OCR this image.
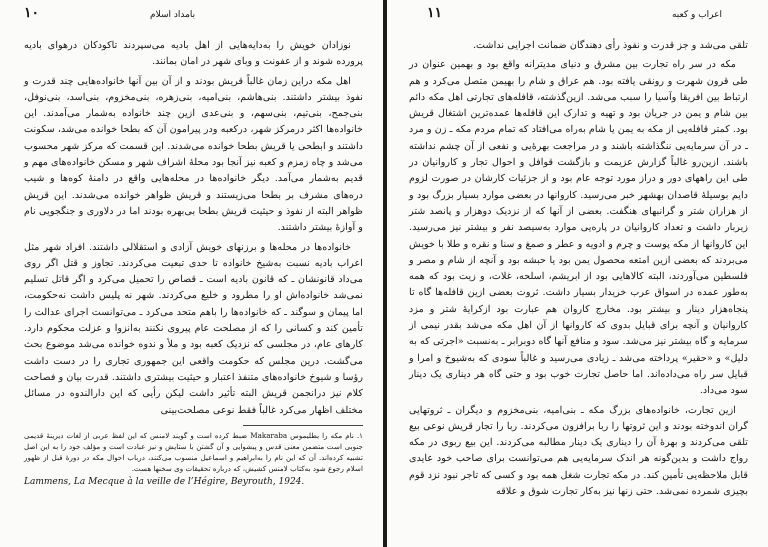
۱۰	بامداد اسلام

نوزادان خویش را به‌دایه‌هایی از اهل بادیه می‌سپردند تاکودکان درهوای بادیه پرورده شوند و از عفونت و وبای شهر در امان بمانند.

اهل مکه دراین زمان غالباً قریش بودند و از آن بین آنها خانواده‌هایی چند قدرت و نفوذ بیشتر داشتند. بنی‌هاشم، بنی‌امیه، بنی‌زهره، بنی‌مخزوم، بنی‌اسد، بنی‌نوفل، بنی‌جمح، بنی‌تیم، بنی‌سهم، و بنی‌عدی ازین چند خانواده به‌شمار می‌آمدند. این خانواده‌ها اکثر درمرکز شهر، درکعبه ودر پیرامون آن که بطحا خوانده می‌شد، سکونت داشتند و ابطحی یا قریش بطحا خوانده می‌شدند. این قسمت که مرکز شهر محسوب می‌شد و چاه زمزم و کعبه نیز آنجا بود محلهٔ اشراف شهر و مسکن خانواده‌های مهم و قدیم به‌شمار می‌آمد. دیگر خانواده‌ها در محله‌هایی واقع در دامنهٔ کوه‌ها و شیب دره‌های مشرف بر بطحا می‌زیستند و قریش ظواهر خوانده می‌شدند. این قریش ظواهر البته از نفوذ و حیثیت قریش بطحا بی‌بهره بودند اما در دلاوری و جنگجویی نام و آوازهٔ بیشتر داشتند.

خانواده‌ها در محله‌ها و برزنهای خویش آزادی و استقلالی داشتند. افراد شهر مثل اعراب بادیه نسبت به‌شیخ خانواده تا حدی تبعیت می‌کردند. تجاوز و قتل اگر روی می‌داد قانونشان ـ که قانون بادیه است ـ قصاص را تحمیل می‌کرد و اگر قاتل تسلیم نمی‌شد خانواده‌اش او را مطرود و خلیع می‌کردند. شهر نه پلیس داشت نه‌حکومت، اما پیمان و سوگند ـ که خانواده‌ها را باهم متحد می‌کرد ـ می‌توانست اجرای عدالت را تأمین کند و کسانی را که از مصلحت عام پیروی نکنند به‌انزوا و عزلت محکوم دارد. کارهای عام، در مجلسی که نزدیک کعبه بود و ملأ و ندوه خوانده می‌شد موضوع بحث می‌گشت. درین مجلس که حکومت واقعی این جمهوری تجاری را در دست داشت رؤسا و شیوخ خانواده‌های متنفذ اعتبار و حیثیت بیشتری داشتند. قدرت بیان و فصاحت کلام نیز درانجمن قریش البته تأثیر داشت لیکن رأیی که این دارالندوه در مسائل مختلف اظهار می‌کرد غالباً فقط نوعی مصلحت‌بینی

۱. نام مکه را بطلیموس Makaraba ضبط کرده است و گویند لامنس که این لفظ عربی از لغات دیرینهٔ قدیمی جنوبی است متضمن معنی قدس و پیشوایی و آن گشتن با ستایش و نیز عبادت است و مؤلف خود را به این اصل تشبیه کرده‌اند. آن که این نام را به‌ابراهیم و اسماعیل منسوب می‌کنند، درباب احوال مکه در دورهٔ قبل از ظهور اسلام رجوع شود به‌کتاب لامنس کشیش، که درباره تحقیقات وی سخنها هست.
Lammens, La Mecque à la veille de l’Hégire, Beyrouth, 1924.
۱۱	اعراب و کعبه

تلقی می‌شد و جز قدرت و نفوذ رأی دهندگان ضمانت اجرایی نداشت.

مکه در سر راه تجارت بین مشرق و دنیای مدیترانه واقع بود و بهمین عنوان در طی قرون شهرت و رونقی یافته بود. هم عراق و شام را بهیمن متصل می‌کرد و هم ارتباط بین افریقا وآسیا را سبب می‌شد. ازین‌گذشته، قافله‌های تجارتی اهل مکه دائم بین شام و یمن در جریان بود و تهیه و تدارک این قافله‌ها عمده‌ترین اشتغال قریش بود. کمتر قافله‌یی از مکه به یمن یا شام به‌راه می‌افتاد که تمام مردم مکه ـ زن و مرد ـ در آن سرمایه‌یی ننگذاشته باشند و در مراجعت بهرهٔ‌یی و نفعی از آن چشم نداشته باشند. ازین‌رو غالباً گزارش عزیمت و بازگشت قوافل و احوال تجار و کاروانیان در طی این راههای دور و دراز مورد توجه عام بود و از جزئیات کارشان در صورت لزوم دایم بوسیلهٔ قاصدان بهشهر خبر می‌رسید. کاروانها در بعضی موارد بسیار بزرگ بود و از هزاران شتر و گرانبهای هنگفت. بعضی از آنها که از نزدیک دوهزار و پانصد شتر زیربار داشت و تعداد کاروانیان در پاره‌یی موارد به‌سیصد نفر و بیشتر نیز می‌رسید. این کاروانها از مکه پوست و چرم و ادویه و عطر و صمغ و سنا و نقره و طلا با خویش می‌بردند که بعضی ازین امتعه محصول یمن بود یا حبشه بود و آنچه از شام و مصر و فلسطین می‌آوردند، البته کالاهایی بود از ابریشم، اسلحه، غلات، و زیت بود که همه به‌طور عمده در اسواق عرب خریدار بسیار داشت. ثروت بعضی ازین قافله‌ها گاه تا پنجاه‌هزار دینار و بیشتر بود. مخارج کاروان هم عبارت بود ازکرایهٔ شتر و مزد کاروانیان و آنچه برای قبایل بدوی که کاروانها از آن اهل مکه می‌شد بقدر نیمی از سرمایه و گاه بیشتر نیز می‌شد. سود و منافع آنها گاه دوبرابر ـ به‌نسبت «اجرتی که به دلیل» و «حقیر» پرداخته می‌شد ـ زیادی می‌رسید و غالباً سودی که به‌شیوخ و امرا و قبایل سر راه می‌داده‌اند. اما حاصل تجارت خوب بود و حتی گاه هر دیناری یک دینار سود می‌داد.

ازین تجارت، خانواده‌های بزرگ مکه ـ بنی‌امیه، بنی‌مخزوم و دیگران ـ ثروتهایی گران اندوخته بودند و این ثروتها را ربا برافزون می‌کردند. ربا را تجار قریش نوعی بیع تلقی می‌کردند و بهرهٔ آن را دیناری یک دینار مطالبه می‌کردند. این بیع ربوی در مکه رواج داشت و بدین‌گونه هر اندک سرمایه‌یی هم می‌توانست برای صاحب خود عایدی قابل ملاحظه‌یی تأمین کند. در مکه تجارت شغل همه بود و کسی که تاجر نبود نزد قوم بچیزی شمرده نمی‌شد. حتی زنها نیز به‌کار تجارت شوق و علاقه
